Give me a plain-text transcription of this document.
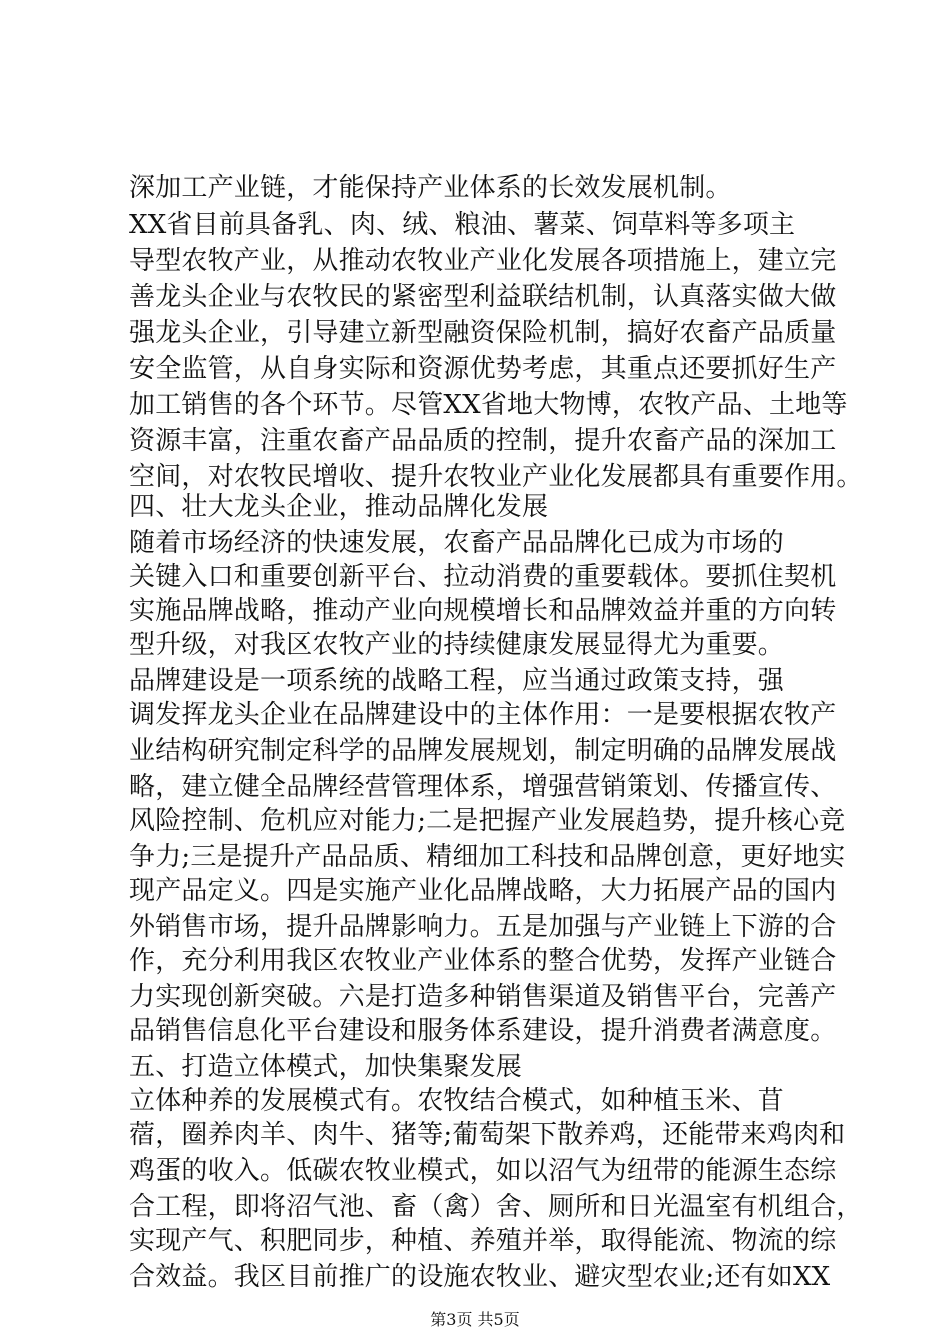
深加工产业链，才能保持产业体系的长效发展机制。
XX省目前具备乳、肉、绒、粮油、薯菜、饲草料等多项主
导型农牧产业，从推动农牧业产业化发展各项措施上，建立完
善龙头企业与农牧民的紧密型利益联结机制，认真落实做大做
强龙头企业，引导建立新型融资保险机制，搞好农畜产品质量
安全监管，从自身实际和资源优势考虑，其重点还要抓好生产
加工销售的各个环节。尽管XX省地大物博，农牧产品、土地等
资源丰富，注重农畜产品品质的控制，提升农畜产品的深加工
空间，对农牧民增收、提升农牧业产业化发展都具有重要作用。
四、壮大龙头企业，推动品牌化发展
随着市场经济的快速发展，农畜产品品牌化已成为市场的
关键入口和重要创新平台、拉动消费的重要载体。要抓住契机
实施品牌战略，推动产业向规模增长和品牌效益并重的方向转
型升级，对我区农牧产业的持续健康发展显得尤为重要。
品牌建设是一项系统的战略工程，应当通过政策支持，强
调发挥龙头企业在品牌建设中的主体作用：一是要根据农牧产
业结构研究制定科学的品牌发展规划，制定明确的品牌发展战
略，建立健全品牌经营管理体系，增强营销策划、传播宣传、
风险控制、危机应对能力;二是把握产业发展趋势，提升核心竞
争力;三是提升产品品质、精细加工科技和品牌创意，更好地实
现产品定义。四是实施产业化品牌战略，大力拓展产品的国内
外销售市场，提升品牌影响力。五是加强与产业链上下游的合
作，充分利用我区农牧业产业体系的整合优势，发挥产业链合
力实现创新突破。六是打造多种销售渠道及销售平台，完善产
品销售信息化平台建设和服务体系建设，提升消费者满意度。
五、打造立体模式，加快集聚发展
立体种养的发展模式有。农牧结合模式，如种植玉米、苜
蓿，圈养肉羊、肉牛、猪等;葡萄架下散养鸡，还能带来鸡肉和
鸡蛋的收入。低碳农牧业模式，如以沼气为纽带的能源生态综
合工程，即将沼气池、畜（禽）舍、厕所和日光温室有机组合，
实现产气、积肥同步，种植、养殖并举，取得能流、物流的综
合效益。我区目前推广的设施农牧业、避灾型农业;还有如XX
第3页 共5页
